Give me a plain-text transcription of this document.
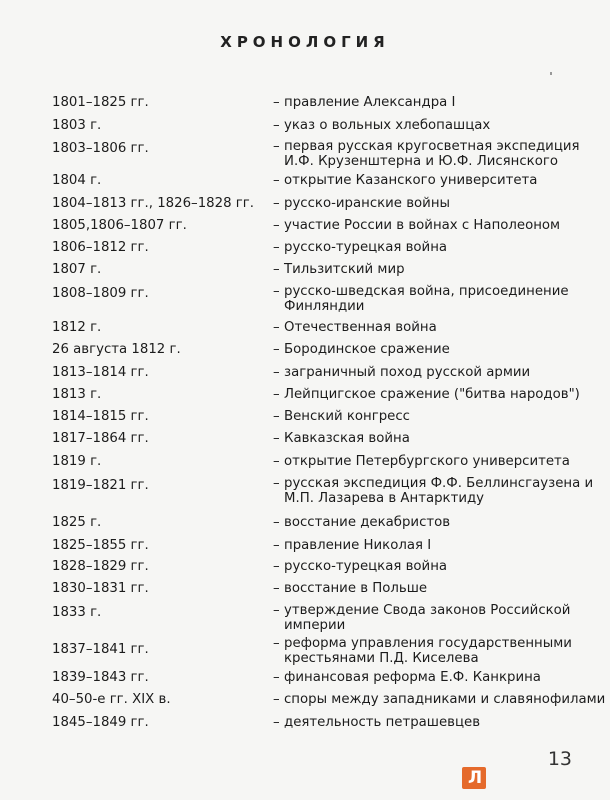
ХРОНОЛОГИЯ
1801–1825 гг.	– правление Александра I
1803 г.	– указ о вольных хлебопашцах
1803–1806 гг.	– первая русская кругосветная экспедиция
И.Ф. Крузенштерна и Ю.Ф. Лисянского
1804 г.	– открытие Казанского университета
1804–1813 гг., 1826–1828 гг. – русско-иранские войны
1805,1806–1807 гг.	– участие России в войнах с Наполеоном
1806–1812 гг.	– русско-турецкая война
1807 г.	– Тильзитский мир
1808–1809 гг.	– русско-шведская война, присоединение
Финляндии
1812 г.	– Отечественная война
26 августа 1812 г.	– Бородинское сражение
1813–1814 гг.	– заграничный поход русской армии
1813 г.	– Лейпцигское сражение ("битва народов")
1814–1815 гг.	– Венский конгресс
1817–1864 гг.	– Кавказская война
1819 г.	– открытие Петербургского университета
1819–1821 гг.	– русская экспедиция Ф.Ф. Беллинсгаузена и
М.П. Лазарева в Антарктиду
1825 г.	– восстание декабристов
1825–1855 гг.	– правление Николая I
1828–1829 гг.	– русско-турецкая война
1830–1831 гг.	– восстание в Польше
1833 г.	– утверждение Свода законов Российской
империи
1837–1841 гг.	– реформа управления государственными
крестьянами П.Д. Киселева
1839–1843 гг.	– финансовая реформа Е.Ф. Канкрина
40–50-е гг. XIX в.	– споры между западниками и славянофилами
1845–1849 гг.	– деятельность петрашевцев
13
Л
